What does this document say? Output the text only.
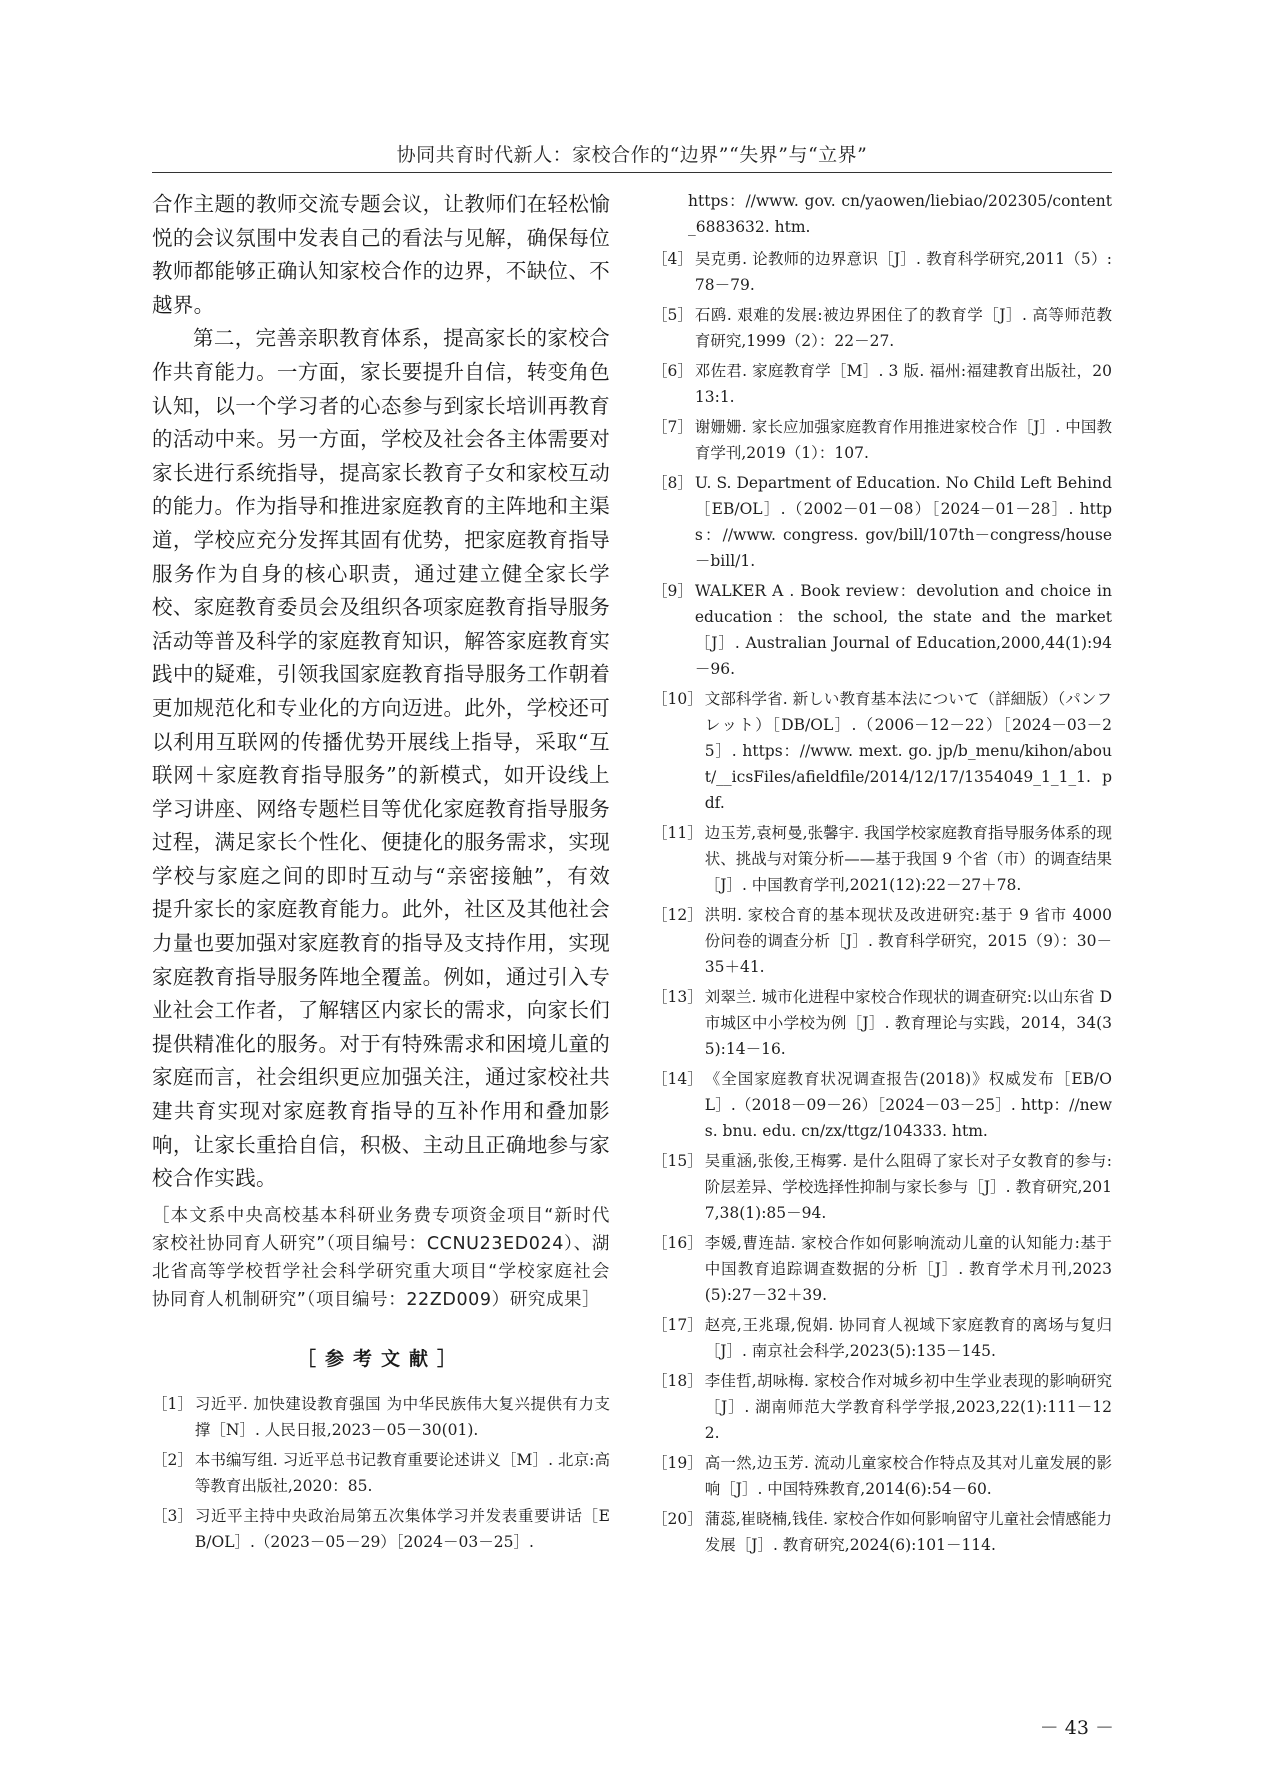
协同共育时代新人：家校合作的“边界”“失界”与“立界”

合作主题的教师交流专题会议，让教师们在轻松愉悦的会议氛围中发表自己的看法与见解，确保每位教师都能够正确认知家校合作的边界，不缺位、不越界。

第二，完善亲职教育体系，提高家长的家校合作共育能力。一方面，家长要提升自信，转变角色认知，以一个学习者的心态参与到家长培训再教育的活动中来。另一方面，学校及社会各主体需要对家长进行系统指导，提高家长教育子女和家校互动的能力。作为指导和推进家庭教育的主阵地和主渠道，学校应充分发挥其固有优势，把家庭教育指导服务作为自身的核心职责，通过建立健全家长学校、家庭教育委员会及组织各项家庭教育指导服务活动等普及科学的家庭教育知识，解答家庭教育实践中的疑难，引领我国家庭教育指导服务工作朝着更加规范化和专业化的方向迈进。此外，学校还可以利用互联网的传播优势开展线上指导，采取“互联网＋家庭教育指导服务”的新模式，如开设线上学习讲座、网络专题栏目等优化家庭教育指导服务过程，满足家长个性化、便捷化的服务需求，实现学校与家庭之间的即时互动与“亲密接触”，有效提升家长的家庭教育能力。此外，社区及其他社会力量也要加强对家庭教育的指导及支持作用，实现家庭教育指导服务阵地全覆盖。例如，通过引入专业社会工作者，了解辖区内家长的需求，向家长们提供精准化的服务。对于有特殊需求和困境儿童的家庭而言，社会组织更应加强关注，通过家校社共建共育实现对家庭教育指导的互补作用和叠加影响，让家长重拾自信，积极、主动且正确地参与家校合作实践。

［本文系中央高校基本科研业务费专项资金项目“新时代家校社协同育人研究”（项目编号：CCNU23ED024）、湖北省高等学校哲学社会科学研究重大项目“学校家庭社会协同育人机制研究”（项目编号：22ZD009）研究成果］

［参考文献］
［1］ 习近平. 加快建设教育强国 为中华民族伟大复兴提供有力支撑［N］. 人民日报,2023－05－30(01).
［2］ 本书编写组. 习近平总书记教育重要论述讲义［M］. 北京:高等教育出版社,2020：85.
［3］ 习近平主持中央政治局第五次集体学习并发表重要讲话［EB/OL］.（2023－05－29）［2024－03－25］.
https：//www. gov. cn/yaowen/liebiao/202305/content_6883632. htm.
［4］ 吴克勇. 论教师的边界意识［J］. 教育科学研究,2011（5）:78－79.
［5］ 石鸥. 艰难的发展:被边界困住了的教育学［J］. 高等师范教育研究,1999（2）：22－27.
［6］ 邓佐君. 家庭教育学［M］. 3 版. 福州:福建教育出版社，2013:1.
［7］ 谢姗姗. 家长应加强家庭教育作用推进家校合作［J］. 中国教育学刊,2019（1）：107.
［8］ U. S. Department of Education. No Child Left Behind［EB/OL］.（2002－01－08）［2024－01－28］. https：//www. congress. gov/bill/107th－congress/house－bill/1.
［9］ WALKER A . Book review：devolution and choice in education：the school, the state and the market［J］. Australian Journal of Education,2000,44(1):94－96.
［10］ 文部科学省. 新しい教育基本法について（詳細版）（パンフレット）［DB/OL］.（2006－12－22）［2024－03－25］. https：//www. mext. go. jp/b_menu/kihon/about/__icsFiles/afieldfile/2014/12/17/1354049_1_1_1. pdf.
［11］ 边玉芳,袁柯曼,张馨宇. 我国学校家庭教育指导服务体系的现状、挑战与对策分析——基于我国 9 个省（市）的调查结果［J］. 中国教育学刊,2021(12):22－27＋78.
［12］ 洪明. 家校合育的基本现状及改进研究:基于 9 省市 4000 份问卷的调查分析［J］. 教育科学研究，2015（9）：30－35＋41.
［13］ 刘翠兰. 城市化进程中家校合作现状的调查研究:以山东省 D 市城区中小学校为例［J］. 教育理论与实践，2014，34(35):14－16.
［14］ 《全国家庭教育状况调查报告(2018)》权威发布［EB/OL］.（2018－09－26）［2024－03－25］. http：//news. bnu. edu. cn/zx/ttgz/104333. htm.
［15］ 吴重涵,张俊,王梅雾. 是什么阻碍了家长对子女教育的参与:阶层差异、学校选择性抑制与家长参与［J］. 教育研究,2017,38(1):85－94.
［16］ 李媛,曹连喆. 家校合作如何影响流动儿童的认知能力:基于中国教育追踪调查数据的分析［J］. 教育学术月刊,2023(5):27－32＋39.
［17］ 赵亮,王兆璟,倪娟. 协同育人视域下家庭教育的离场与复归［J］. 南京社会科学,2023(5):135－145.
［18］ 李佳哲,胡咏梅. 家校合作对城乡初中生学业表现的影响研究［J］. 湖南师范大学教育科学学报,2023,22(1):111－122.
［19］ 高一然,边玉芳. 流动儿童家校合作特点及其对儿童发展的影响［J］. 中国特殊教育,2014(6):54－60.
［20］ 蒲蕊,崔晓楠,钱佳. 家校合作如何影响留守儿童社会情感能力发展［J］. 教育研究,2024(6):101－114.
－ 43 －
